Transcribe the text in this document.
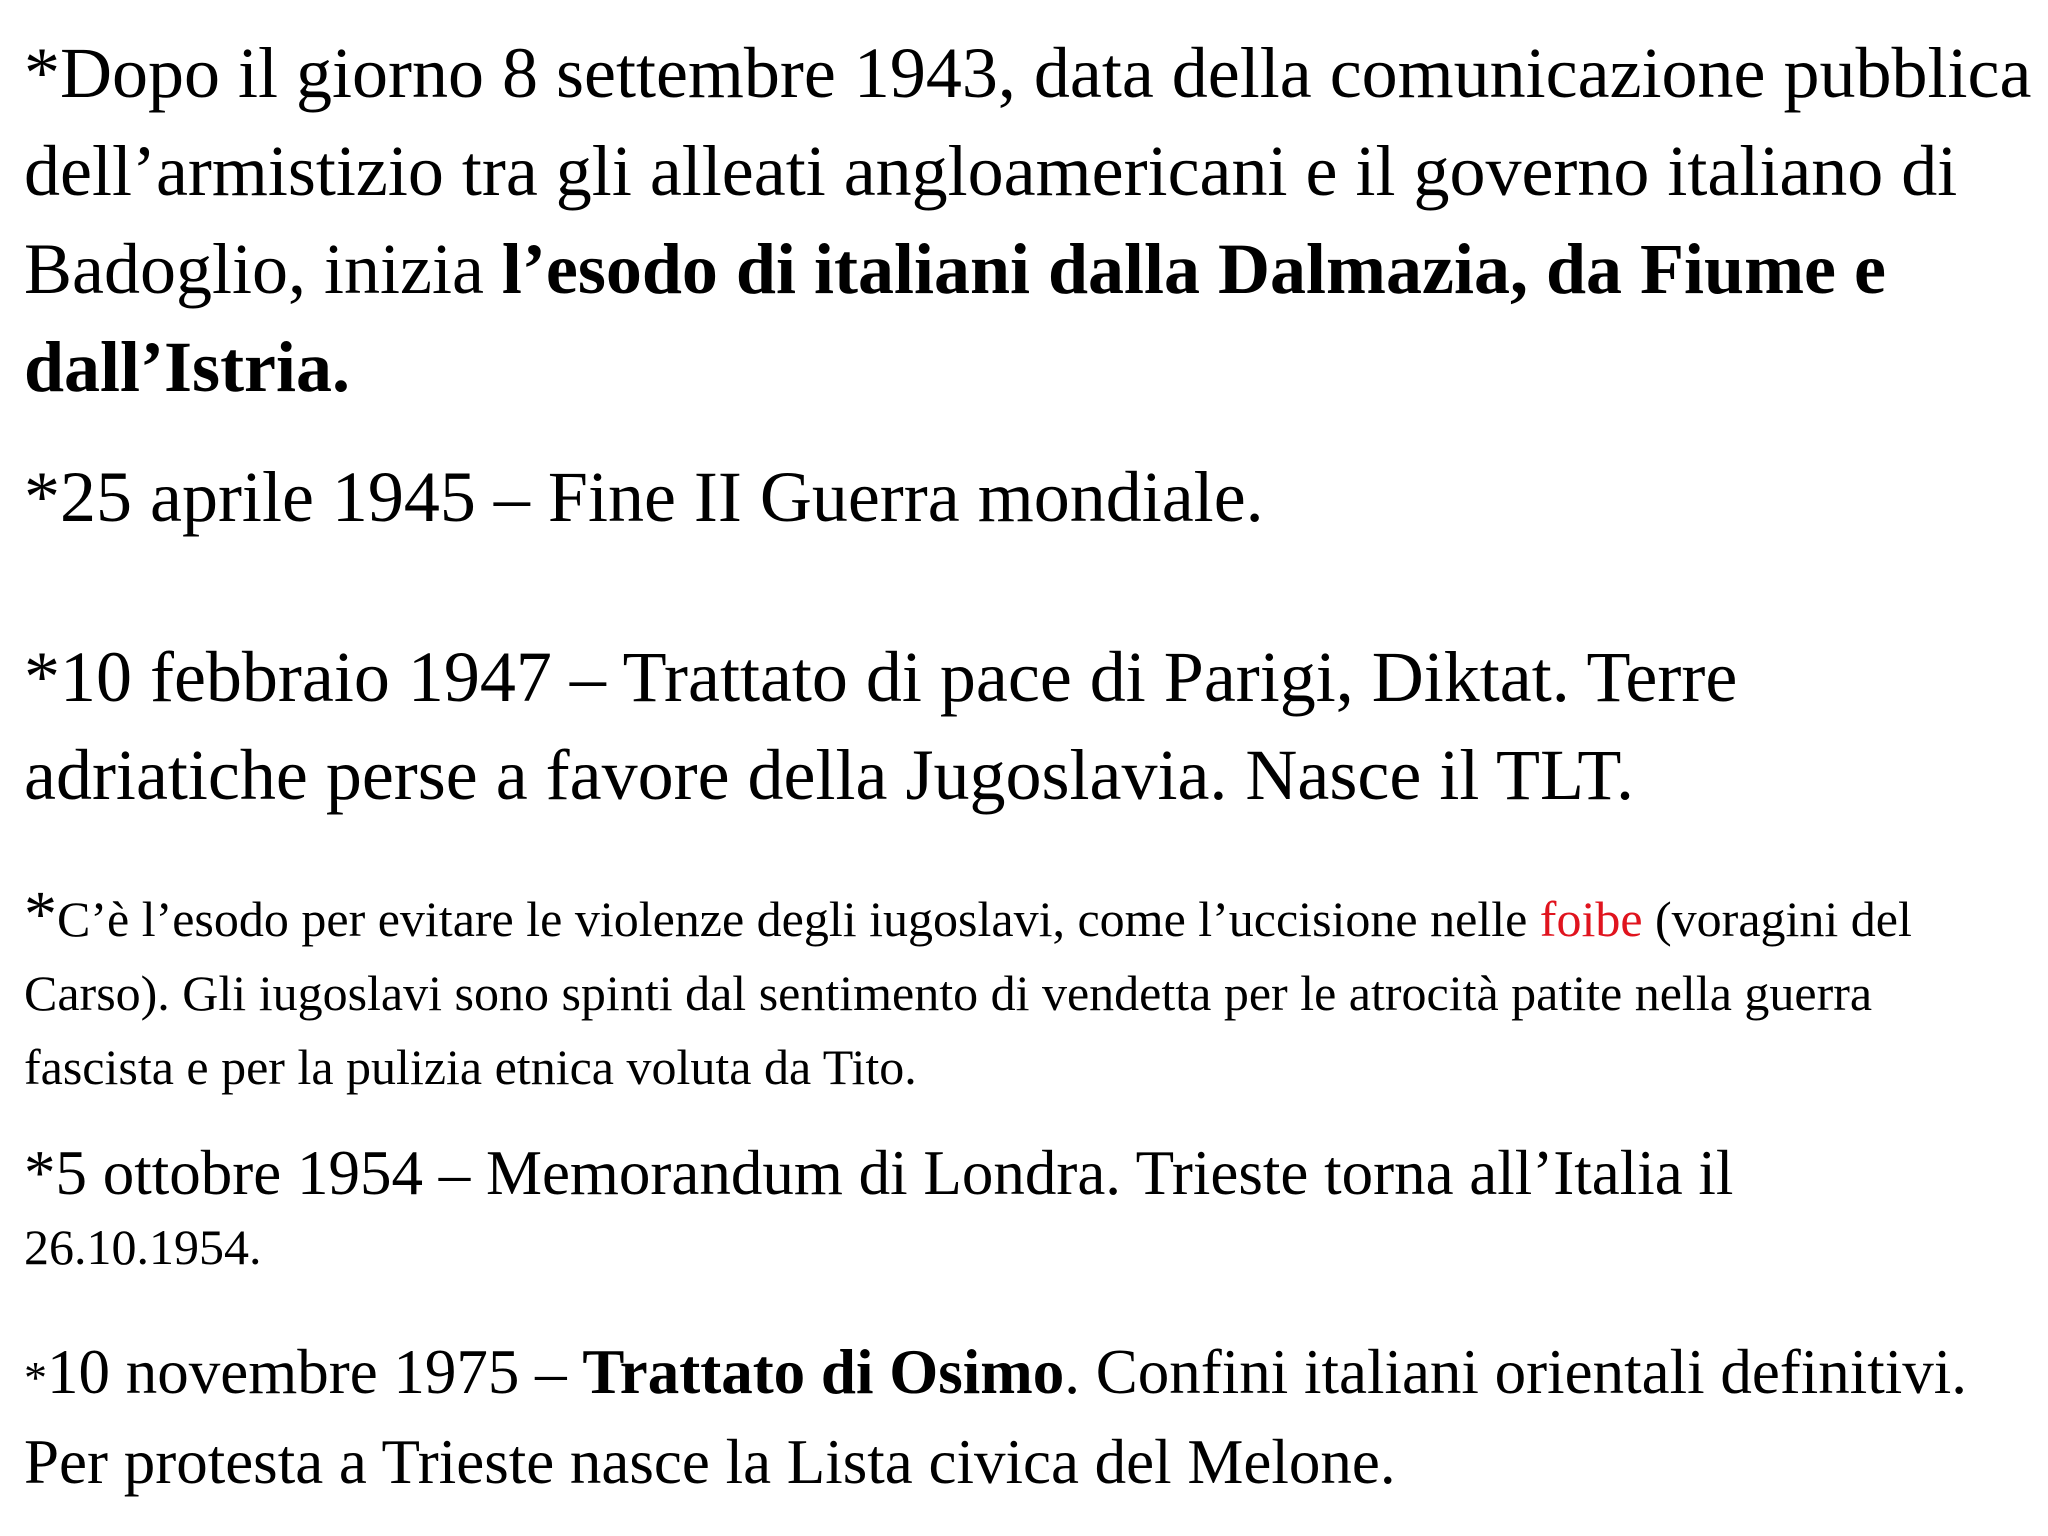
*Dopo il giorno 8 settembre 1943, data della comunicazione pubblica dell’armistizio tra gli alleati angloamericani e il governo italiano di Badoglio, inizia l’esodo di italiani dalla Dalmazia, da Fiume e dall’Istria.

*25 aprile 1945 – Fine II Guerra mondiale.

*10 febbraio 1947 – Trattato di pace di Parigi, Diktat. Terre adriatiche perse a favore della Jugoslavia. Nasce il TLT.

*C’è l’esodo per evitare le violenze degli iugoslavi, come l’uccisione nelle foibe (voragini del Carso). Gli iugoslavi sono spinti dal sentimento di vendetta per le atrocità patite nella guerra fascista e per la pulizia etnica voluta da Tito.

*5 ottobre 1954 – Memorandum di Londra. Trieste torna all’Italia il
26.10.1954.

*10 novembre 1975 – Trattato di Osimo. Confini italiani orientali definitivi. Per protesta a Trieste nasce la Lista civica del Melone.
